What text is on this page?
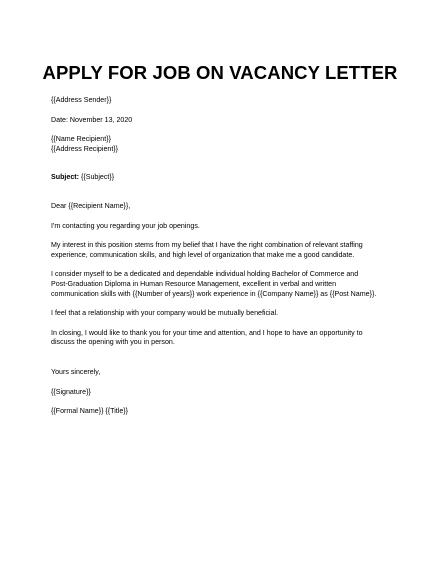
APPLY FOR JOB ON VACANCY LETTER
{{Address Sender}}
Date: November 13, 2020
{{Name Recipient}}
{{Address Recipient}}
Subject: {{Subject}}
Dear {{Recipient Name}},
I'm contacting you regarding your job openings.
My interest in this position stems from my belief that I have the right combination of relevant staffing
experience, communication skills, and high level of organization that make me a good candidate.
I consider myself to be a dedicated and dependable individual holding Bachelor of Commerce and
Post-Graduation Diploma in Human Resource Management, excellent in verbal and written
communication skills with {{Number of years}} work experience in {{Company Name}} as {{Post Name}}.
I feel that a relationship with your company would be mutually beneficial.
In closing, I would like to thank you for your time and attention, and I hope to have an opportunity to
discuss the opening with you in person.
Yours sincerely,
{{Signature}}
{{Formal Name}} {{Title}}
